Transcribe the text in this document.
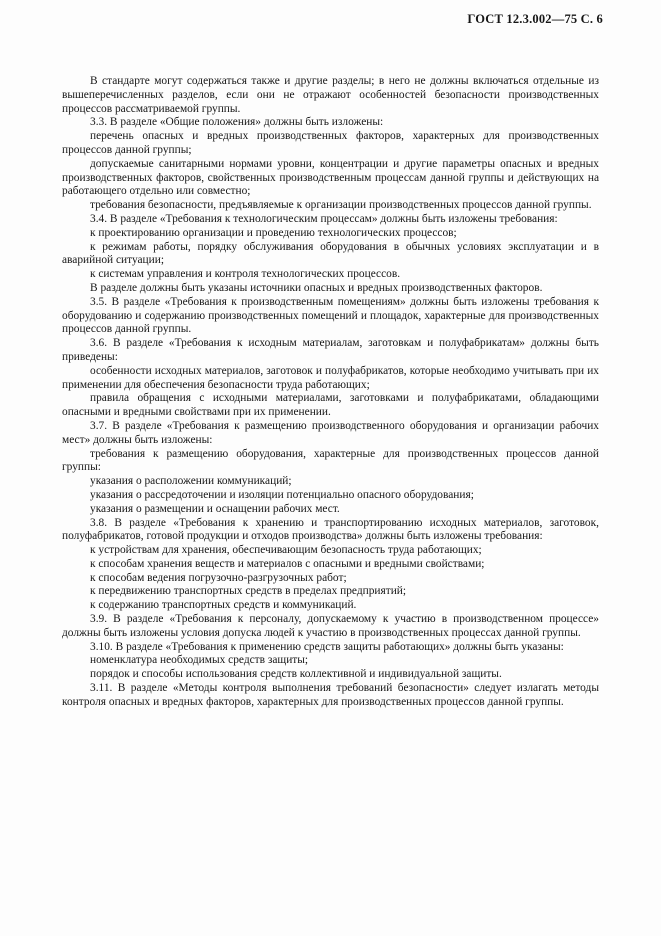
ГОСТ 12.3.002—75 С. 6

В стандарте могут содержаться также и другие разделы; в него не должны включаться отдельные из вышеперечисленных разделов, если они не отражают особенностей безопасности производственных процессов рассматриваемой группы.

3.3. В разделе «Общие положения» должны быть изложены:

перечень опасных и вредных производственных факторов, характерных для производственных процессов данной группы;

допускаемые санитарными нормами уровни, концентрации и другие параметры опасных и вредных производственных факторов, свойственных производственным процессам данной группы и действующих на работающего отдельно или совместно;

требования безопасности, предъявляемые к организации производственных процессов данной группы.

3.4. В разделе «Требования к технологическим процессам» должны быть изложены требования:

к проектированию организации и проведению технологических процессов;

к режимам работы, порядку обслуживания оборудования в обычных условиях эксплуатации и в аварийной ситуации;

к системам управления и контроля технологических процессов.

В разделе должны быть указаны источники опасных и вредных производственных факторов.

3.5. В разделе «Требования к производственным помещениям» должны быть изложены требования к оборудованию и содержанию производственных помещений и площадок, характерные для производственных процессов данной группы.

3.6. В разделе «Требования к исходным материалам, заготовкам и полуфабрикатам» должны быть приведены:

особенности исходных материалов, заготовок и полуфабрикатов, которые необходимо учитывать при их применении для обеспечения безопасности труда работающих;

правила обращения с исходными материалами, заготовками и полуфабрикатами, обладающими опасными и вредными свойствами при их применении.

3.7. В разделе «Требования к размещению производственного оборудования и организации рабочих мест» должны быть изложены:

требования к размещению оборудования, характерные для производственных процессов данной группы:

указания о расположении коммуникаций;

указания о рассредоточении и изоляции потенциально опасного оборудования;

указания о размещении и оснащении рабочих мест.

3.8. В разделе «Требования к хранению и транспортированию исходных материалов, заготовок, полуфабрикатов, готовой продукции и отходов производства» должны быть изложены требования:

к устройствам для хранения, обеспечивающим безопасность труда работающих;

к способам хранения веществ и материалов с опасными и вредными свойствами;

к способам ведения погрузочно-разгрузочных работ;

к передвижению транспортных средств в пределах предприятий;

к содержанию транспортных средств и коммуникаций.

3.9. В разделе «Требования к персоналу, допускаемому к участию в производственном процессе» должны быть изложены условия допуска людей к участию в производственных процессах данной группы.

3.10. В разделе «Требования к применению средств защиты работающих» должны быть указаны:

номенклатура необходимых средств защиты;

порядок и способы использования средств коллективной и индивидуальной защиты.

3.11. В разделе «Методы контроля выполнения требований безопасности» следует излагать методы контроля опасных и вредных факторов, характерных для производственных процессов данной группы.
